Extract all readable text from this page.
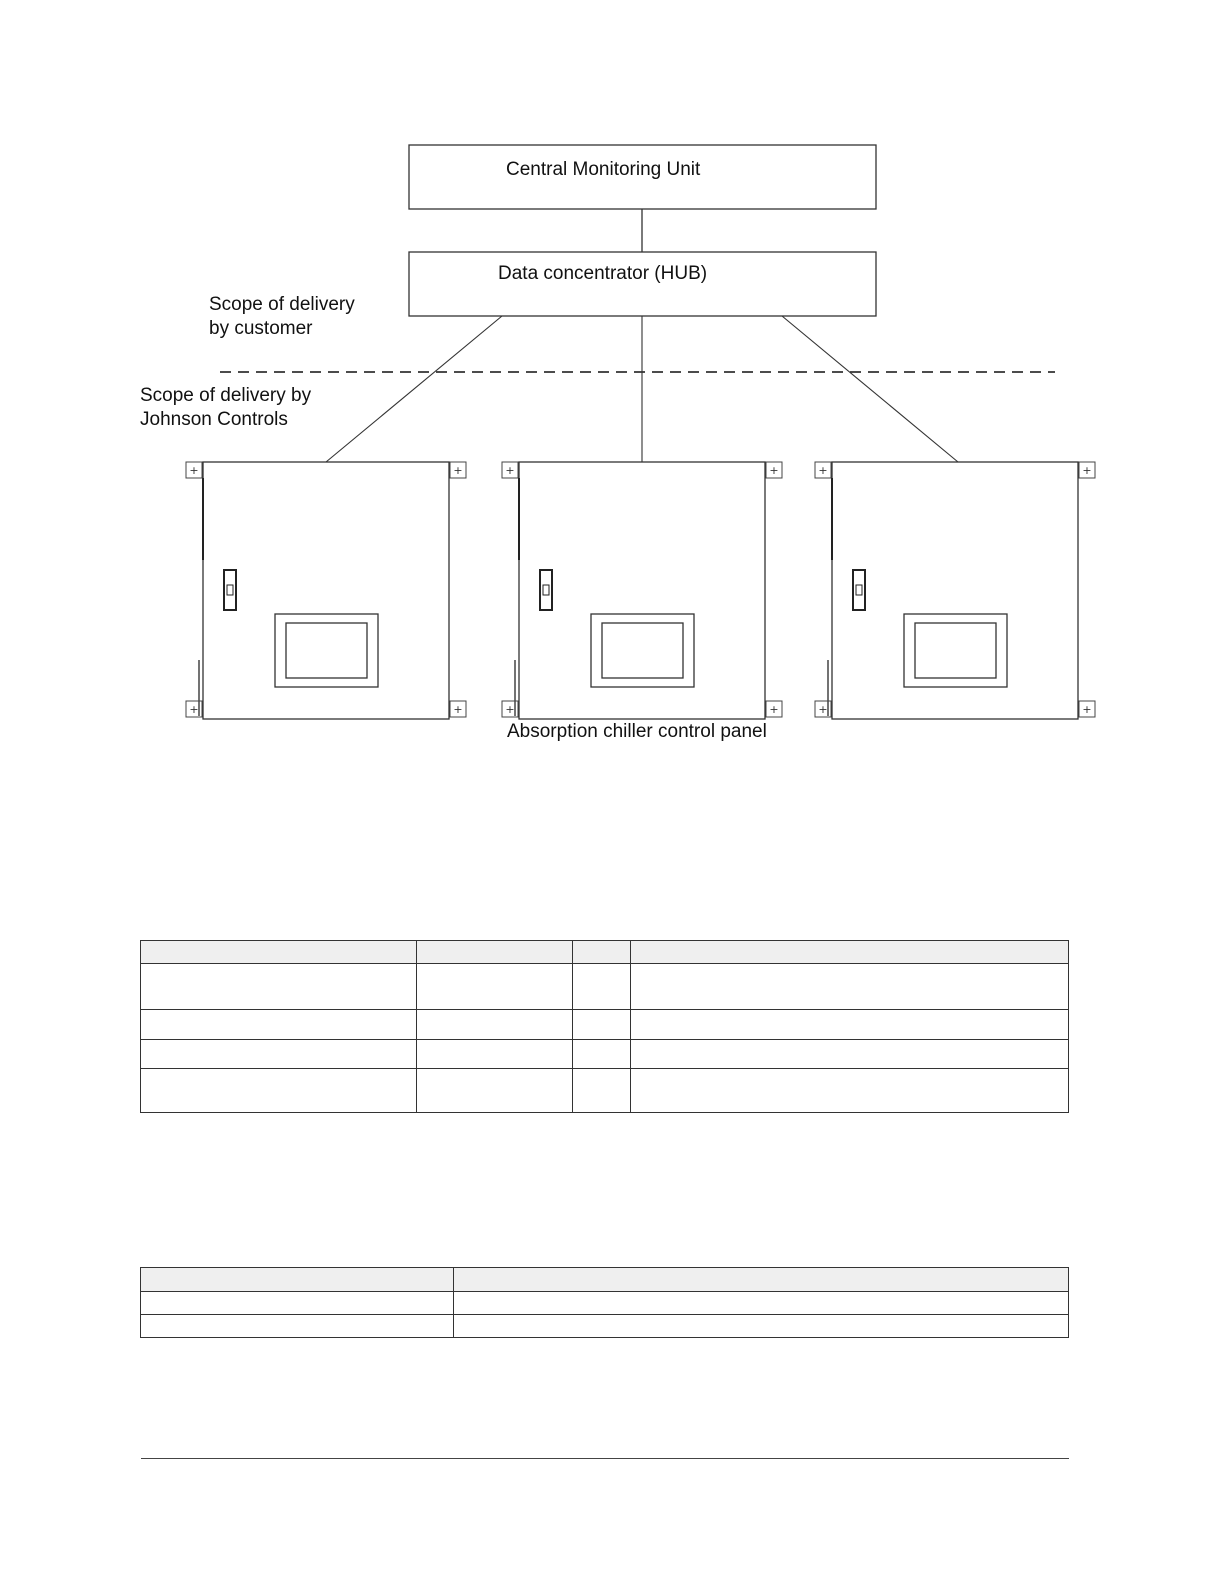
+	+
+	+
+	+
+	+
+	+
+	+
Central Monitoring Unit
Data concentrator (HUB)
Scope of delivery
by customer
Scope of delivery by
Johnson Controls
Absorption chiller control panel
